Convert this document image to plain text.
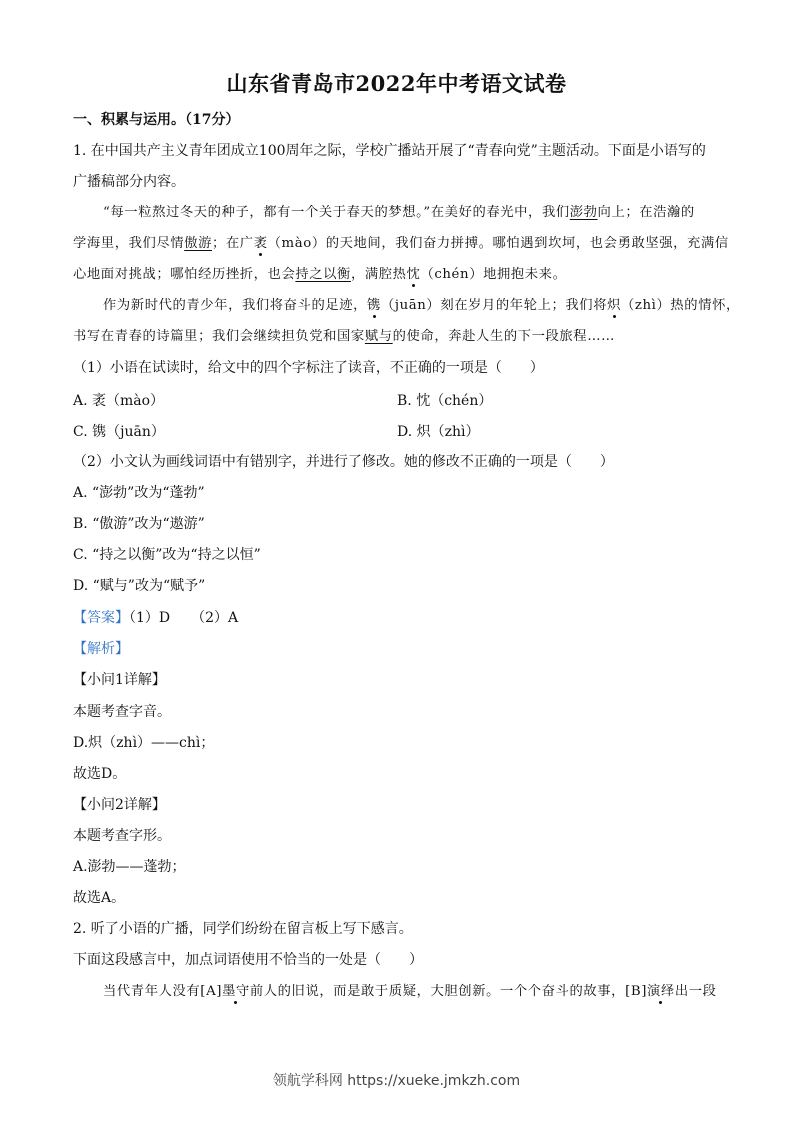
山东省青岛市2022年中考语文试卷
一、积累与运用。（17分）
1. 在中国共产主义青年团成立100周年之际，学校广播站开展了“青春向党”主题活动。下面是小语写的
广播稿部分内容。
“每一粒熬过冬天的种子，都有一个关于春天的梦想。”在美好的春光中，我们澎勃向上；在浩瀚的
学海里，我们尽情傲游；在广袤（mào）的天地间，我们奋力拼搏。哪怕遇到坎坷，也会勇敢坚强，充满信
心地面对挑战；哪怕经历挫折，也会持之以衡，满腔热忱（chén）地拥抱未来。
作为新时代的青少年，我们将奋斗的足迹，镌（juān）刻在岁月的年轮上；我们将炽（zhì）热的情怀，
书写在青春的诗篇里；我们会继续担负党和国家赋与的使命，奔赴人生的下一段旅程……
（1）小语在试读时，给文中的四个字标注了读音，不正确的一项是（　　）
A. 袤（mào）	B. 忱（chén）
C. 镌（juān）	D. 炽（zhì）
（2）小文认为画线词语中有错别字，并进行了修改。她的修改不正确的一项是（　　）
A. “澎勃”改为“蓬勃”
B. “傲游”改为“遨游”
C. “持之以衡”改为“持之以恒”
D. “赋与”改为“赋予”
【答案】（1）D　　（2）A
【解析】
【小问1详解】
本题考查字音。
D.炽（zhì）——chì；
故选D。
【小问2详解】
本题考查字形。
A.澎勃——蓬勃；
故选A。
2. 听了小语的广播，同学们纷纷在留言板上写下感言。
下面这段感言中，加点词语使用不恰当的一处是（　　）
当代青年人没有[A]墨守前人的旧说，而是敢于质疑，大胆创新。一个个奋斗的故事，[B]演绎出一段
领航学科网 https://xueke.jmkzh.com
